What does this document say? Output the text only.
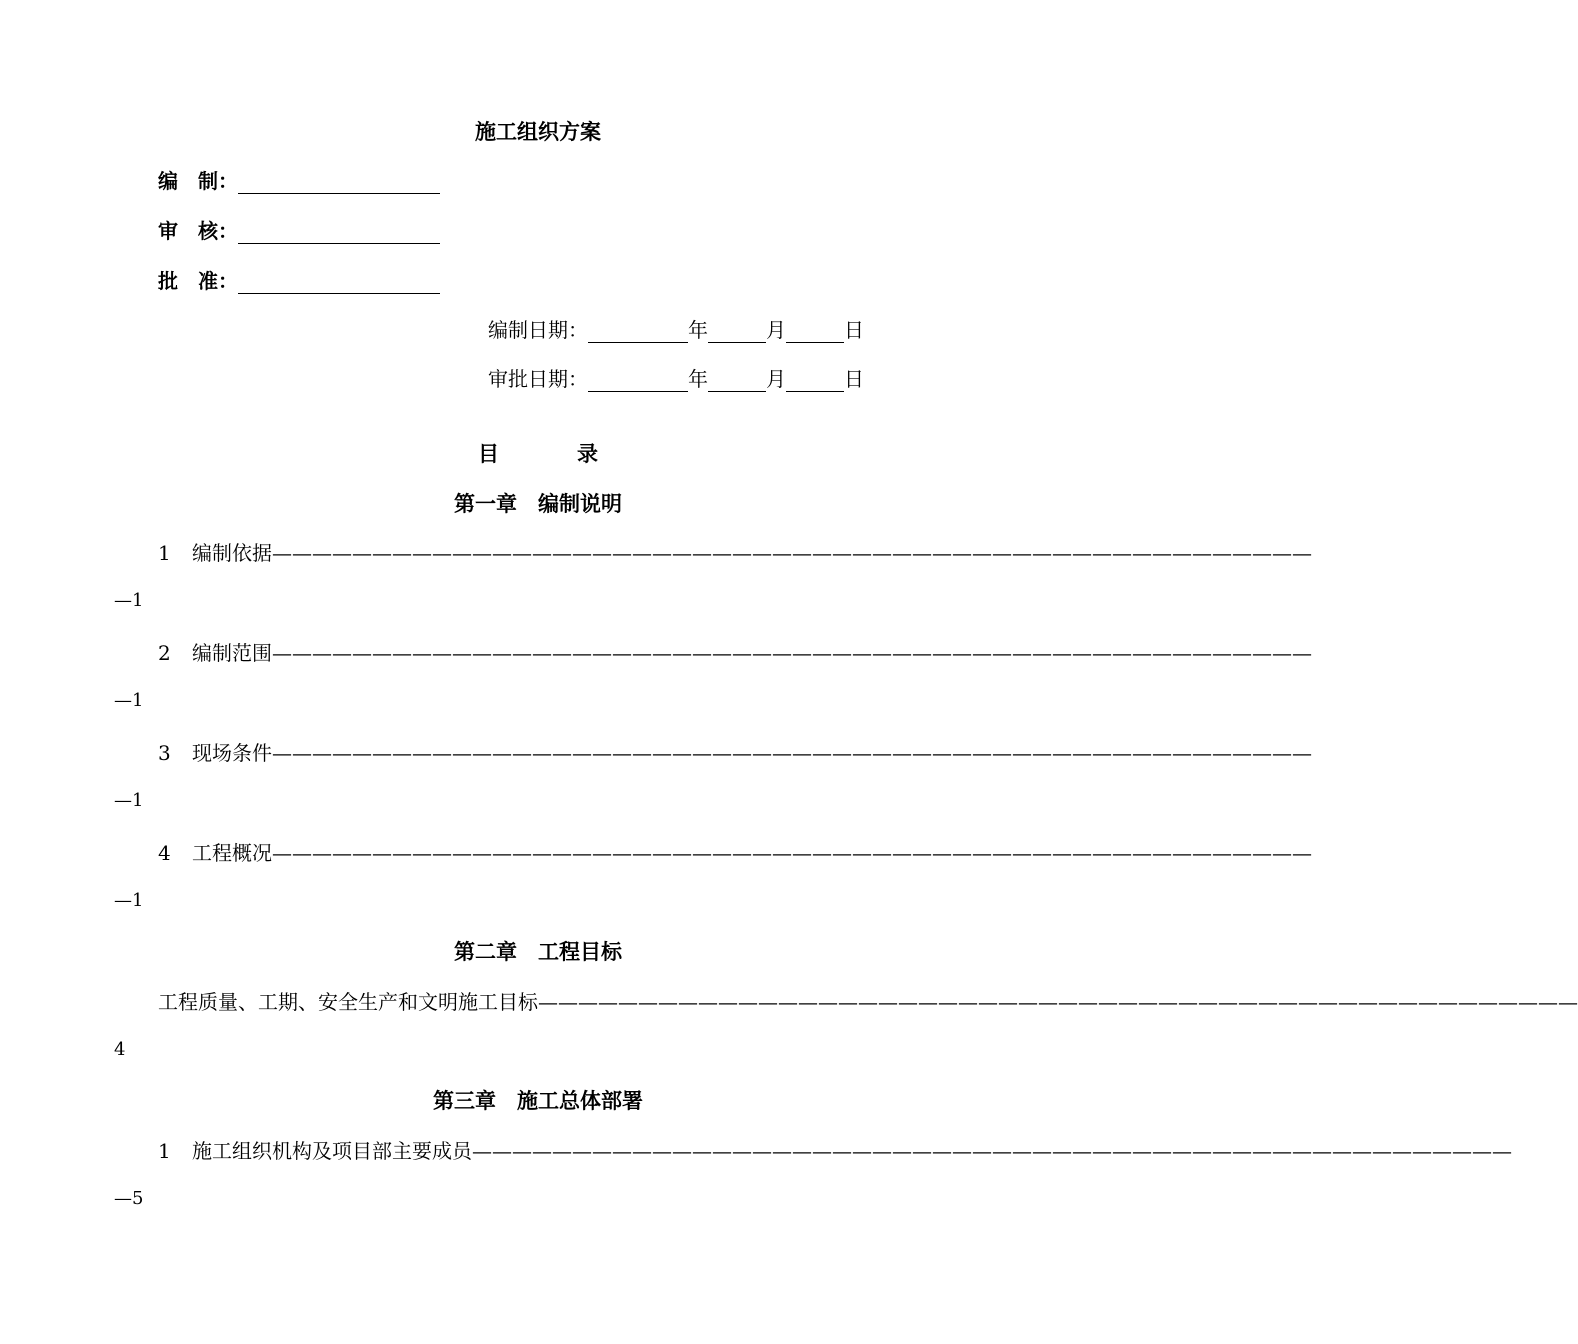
施工组织方案
编 制：
审 核：
批 准：
编制日期：	年	月	日
审批日期：	年	月	日
目	录
第一章　编制说明
1 编制依据————————————————————————————————————————————————————
—1
2 编制范围————————————————————————————————————————————————————
—1
3 现场条件————————————————————————————————————————————————————
—1
4 工程概况————————————————————————————————————————————————————
—1
第二章　工程目标
工程质量、工期、安全生产和文明施工目标————————————————————————————————————————————————————
4
第三章　施工总体部署
1 施工组织机构及项目部主要成员————————————————————————————————————————————————————
—5
